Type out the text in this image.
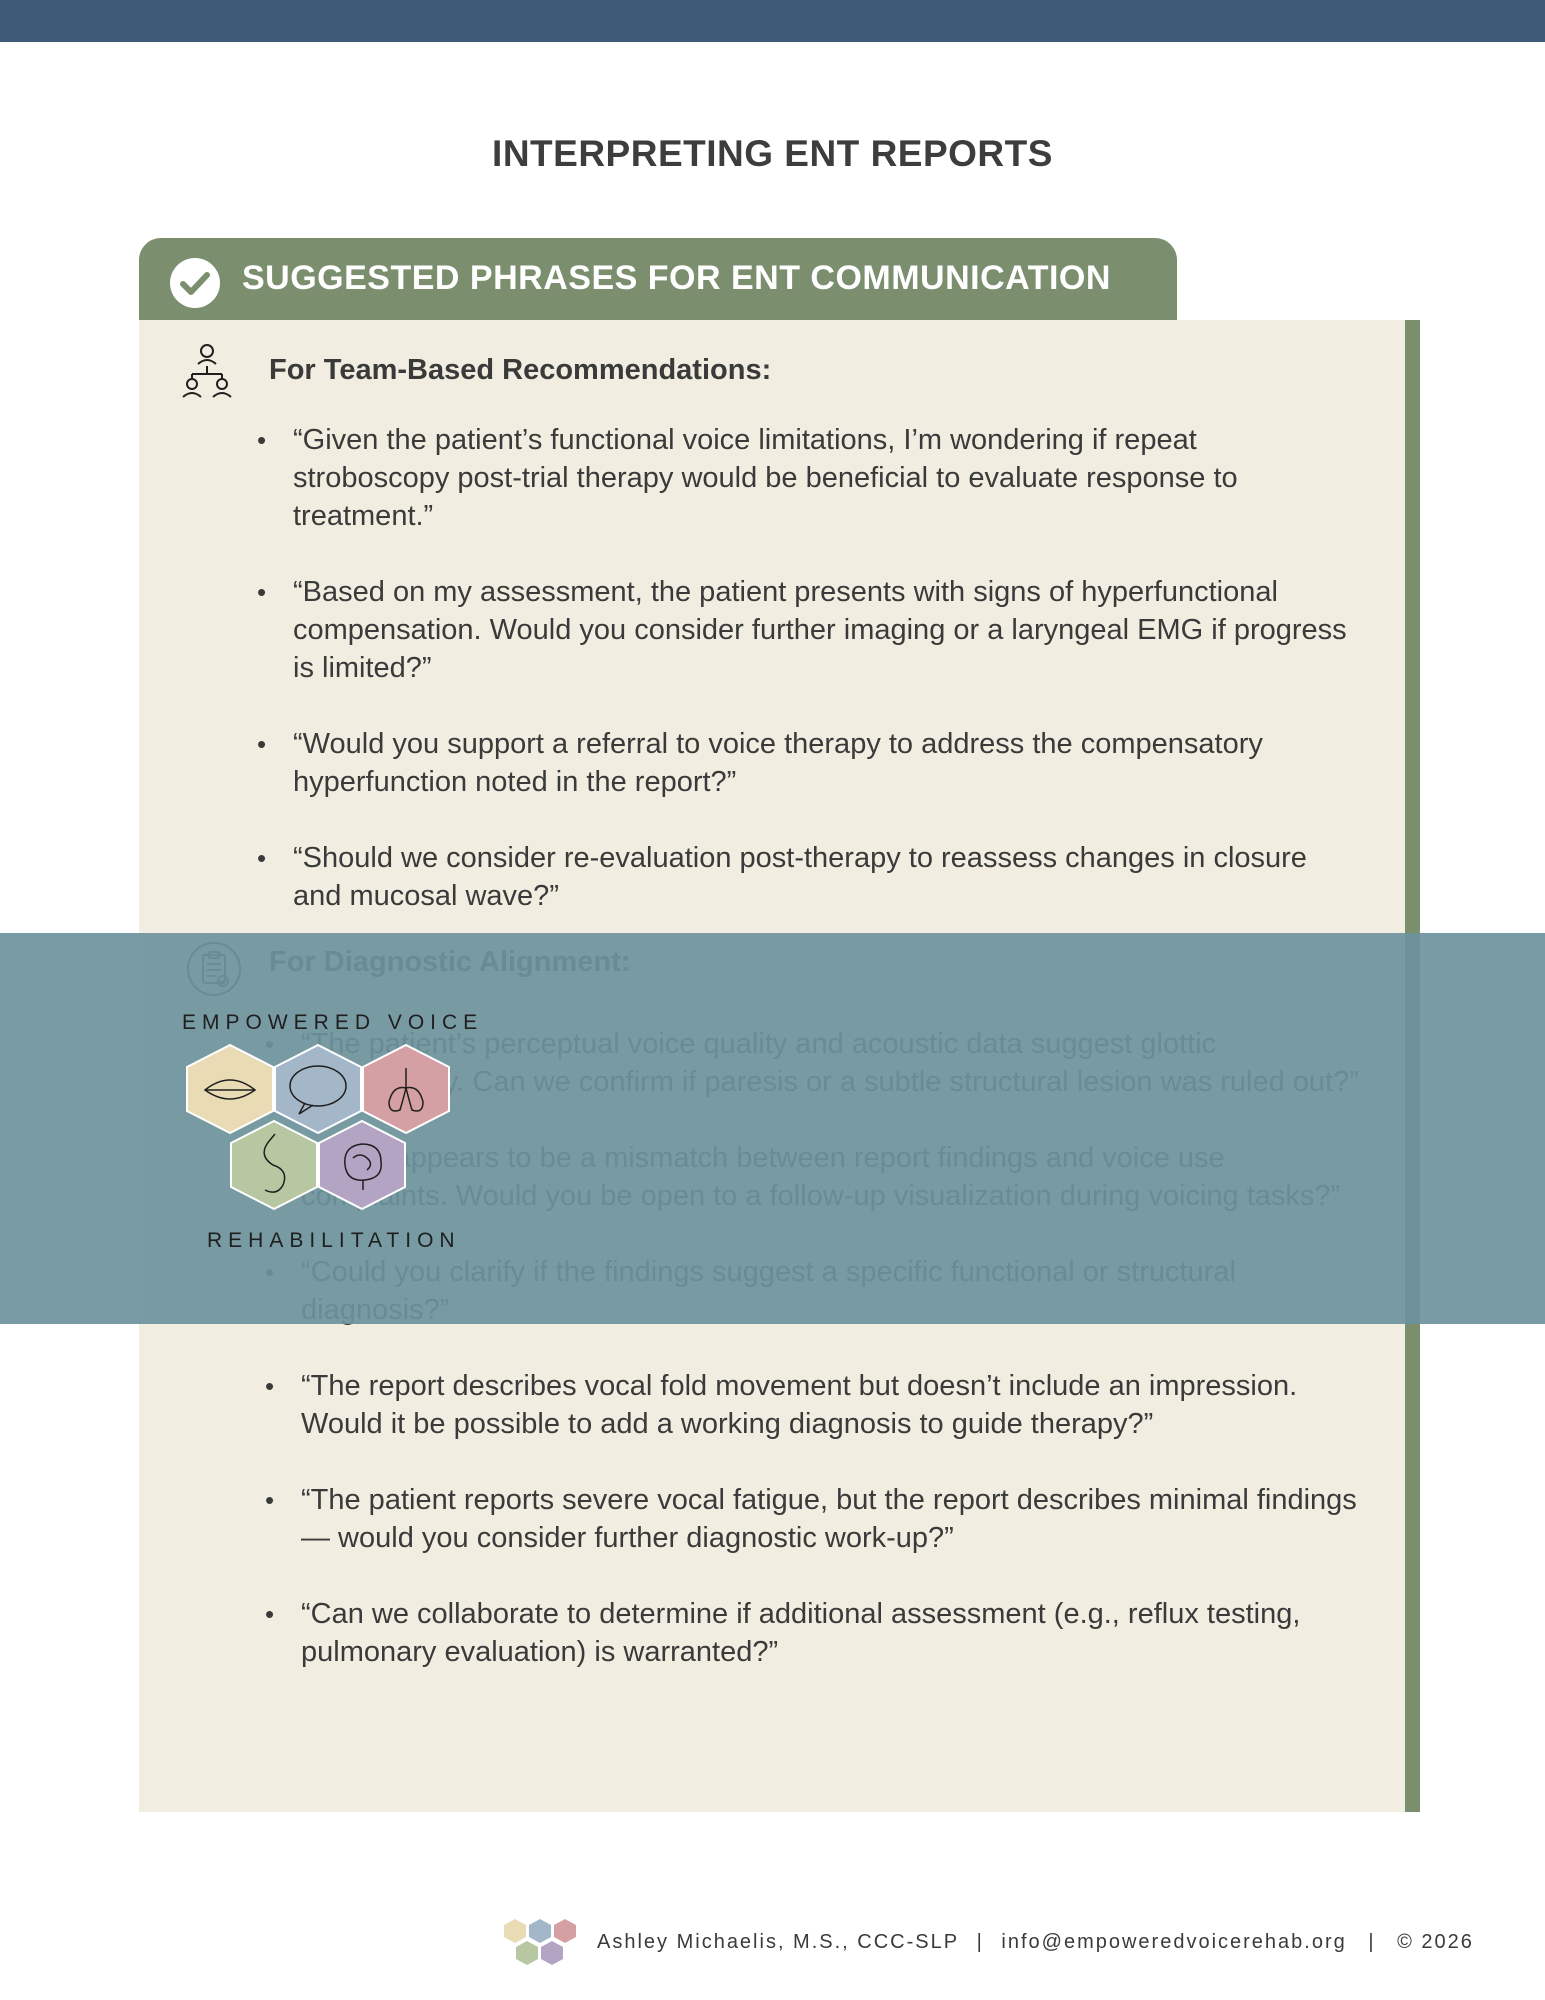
INTERPRETING ENT REPORTS
SUGGESTED PHRASES FOR ENT COMMUNICATION
For Team-Based Recommendations:
• “Given the patient’s functional voice limitations, I’m wondering if repeat stroboscopy post-trial therapy would be beneficial to evaluate response to treatment.”
• “Based on my assessment, the patient presents with signs of hyperfunctional compensation. Would you consider further imaging or a laryngeal EMG if progress is limited?”
• “Would you support a referral to voice therapy to address the compensatory hyperfunction noted in the report?”
• “Should we consider re-evaluation post-therapy to reassess changes in closure and mucosal wave?”
•
•
•
• “The report describes vocal fold movement but doesn’t include an impression. Would it be possible to add a working diagnosis to guide therapy?”
• “The patient reports severe vocal fatigue, but the report describes minimal findings — would you consider further diagnostic work-up?”
• “Can we collaborate to determine if additional assessment (e.g., reflux testing, pulmonary evaluation) is warranted?”
EMPOWERED VOICE
REHABILITATION
Ashley Michaelis, M.S., CCC-SLP | info@empoweredvoicerehab.org | © 2026
